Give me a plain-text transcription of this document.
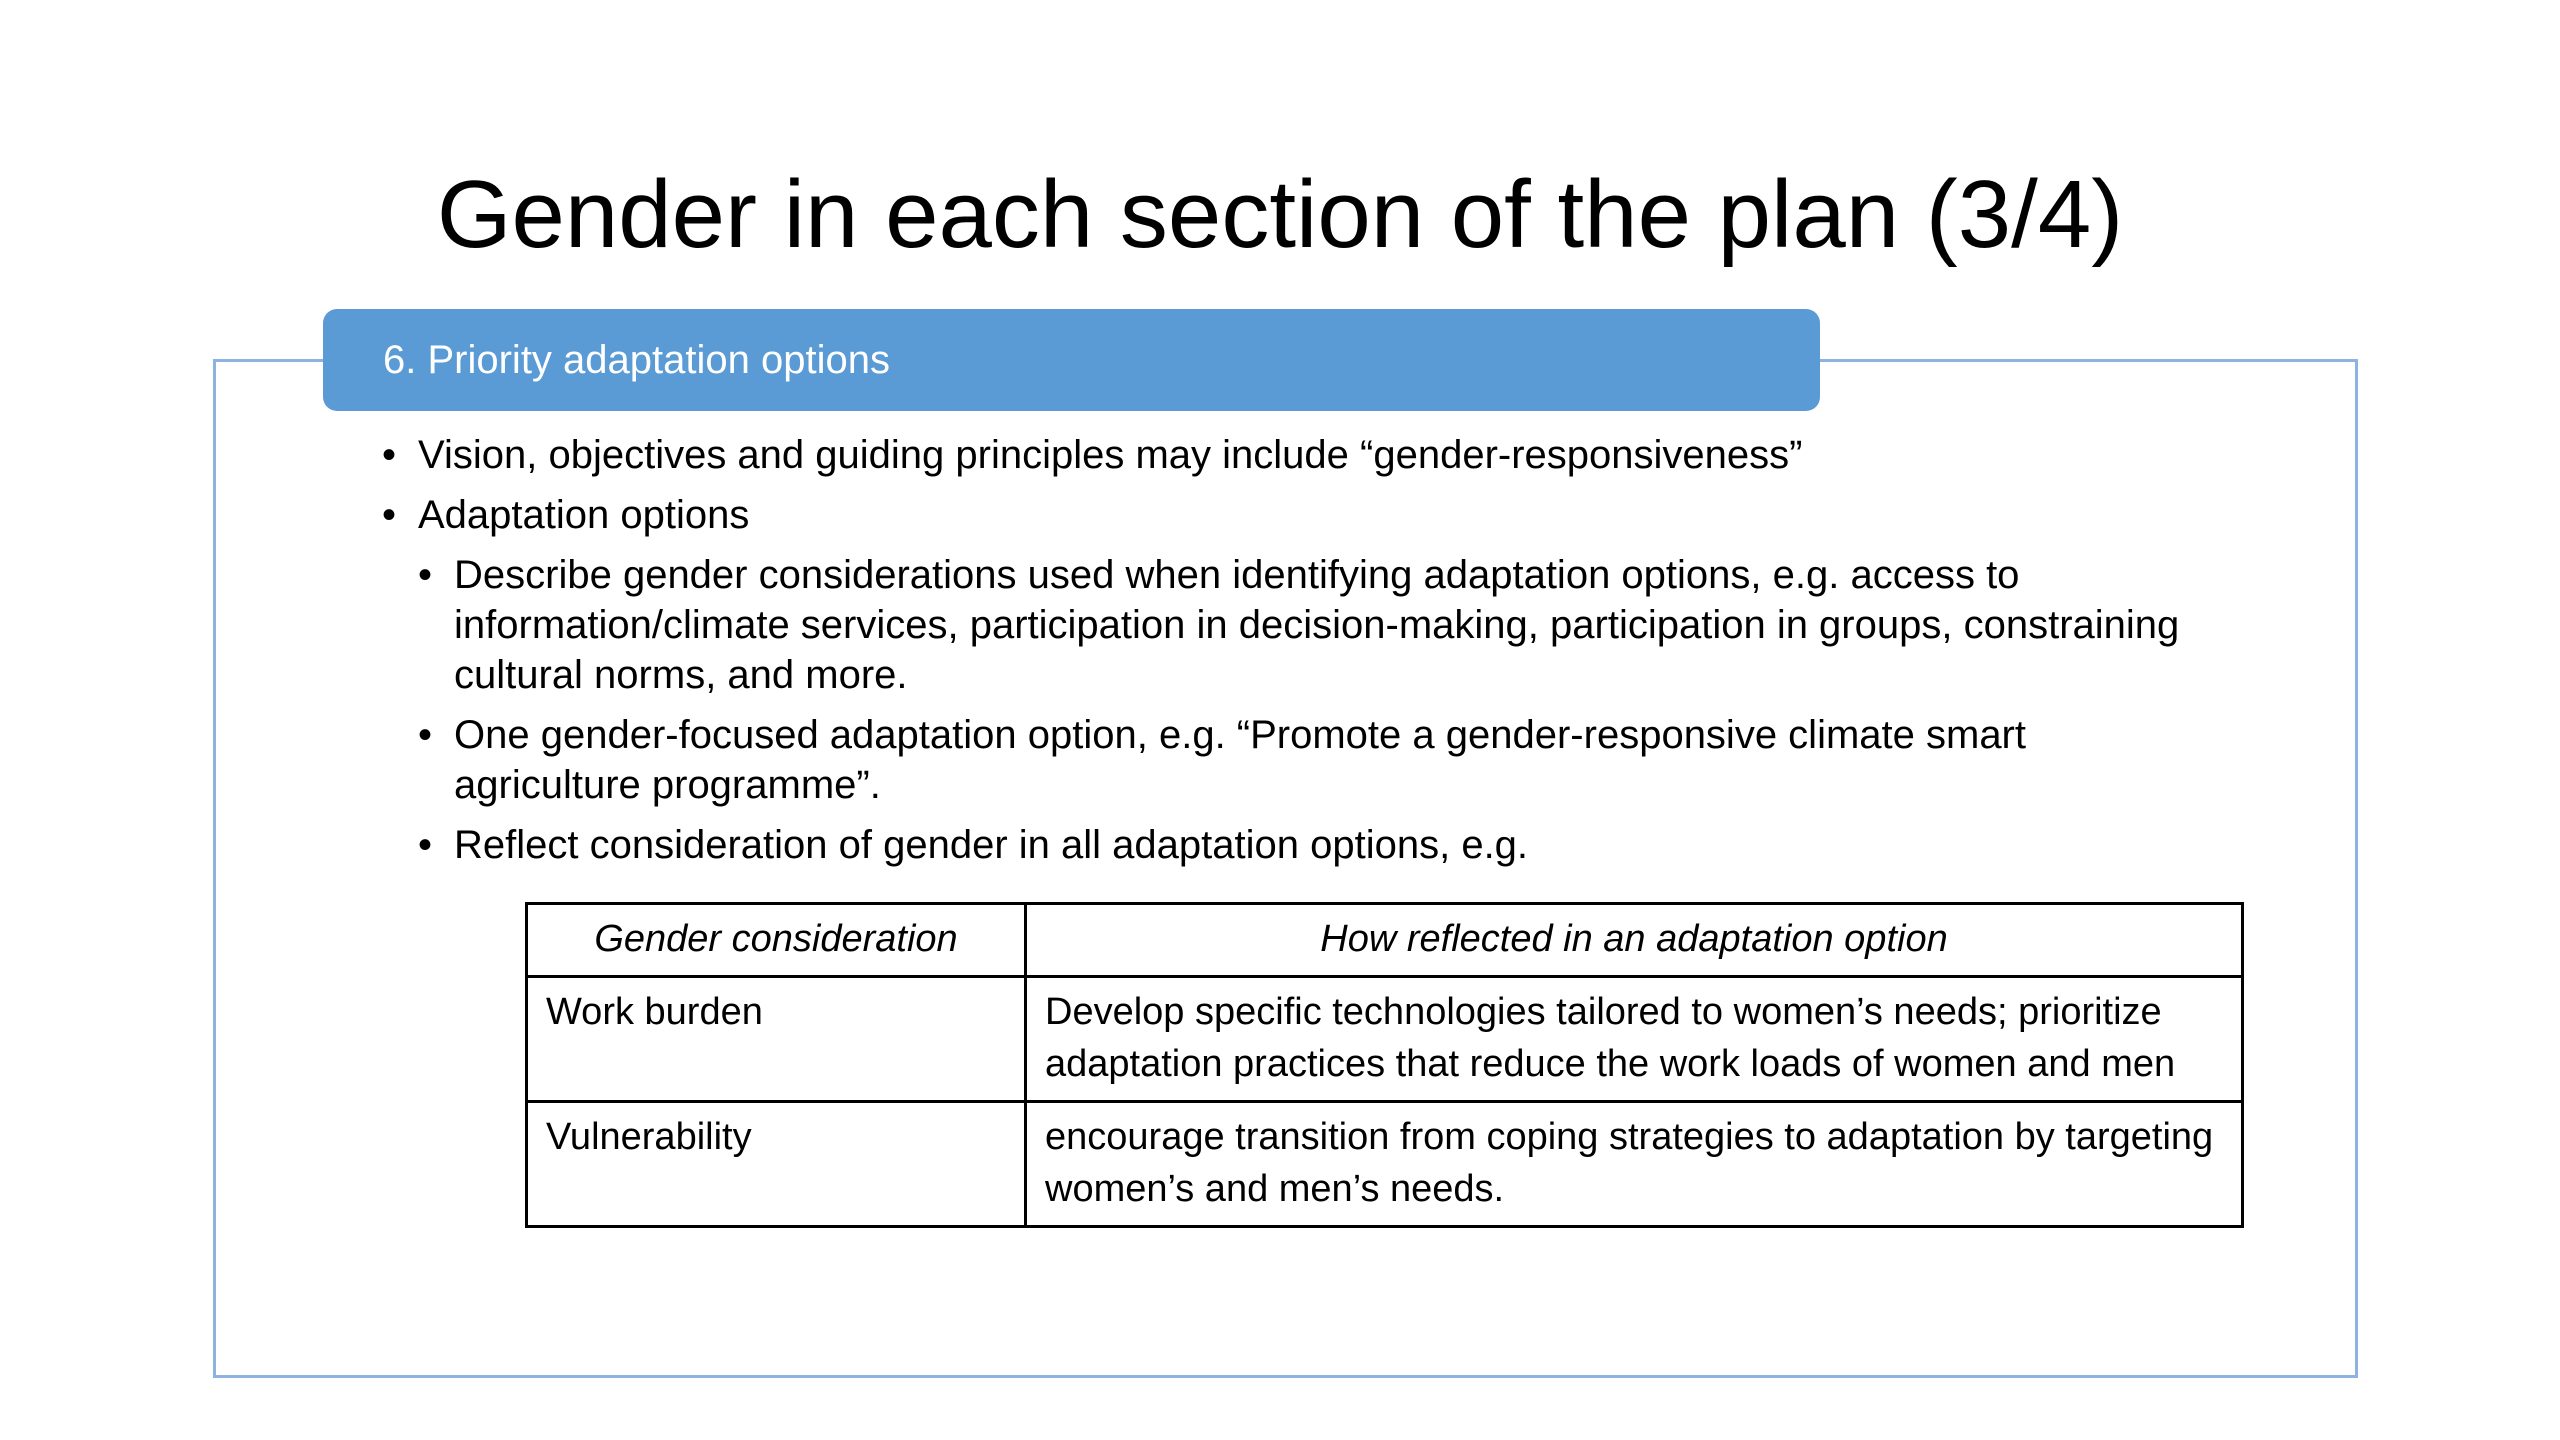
Gender in each section of the plan (3/4)
6. Priority adaptation options
• Vision, objectives and guiding principles may include “gender-responsiveness”
• Adaptation options
• Describe gender considerations used when identifying adaptation options, e.g. access to information/climate services, participation in decision-making, participation in groups, constraining cultural norms, and more.
• One gender-focused adaptation option, e.g. “Promote a gender-responsive climate smart agriculture programme”.
• Reflect consideration of gender in all adaptation options, e.g.
Gender consideration	How reflected in an adaptation option
Work burden	Develop specific technologies tailored to women’s needs; prioritize adaptation practices that reduce the work loads of women and men
Vulnerability	encourage transition from coping strategies to adaptation by targeting women’s and men’s needs.
